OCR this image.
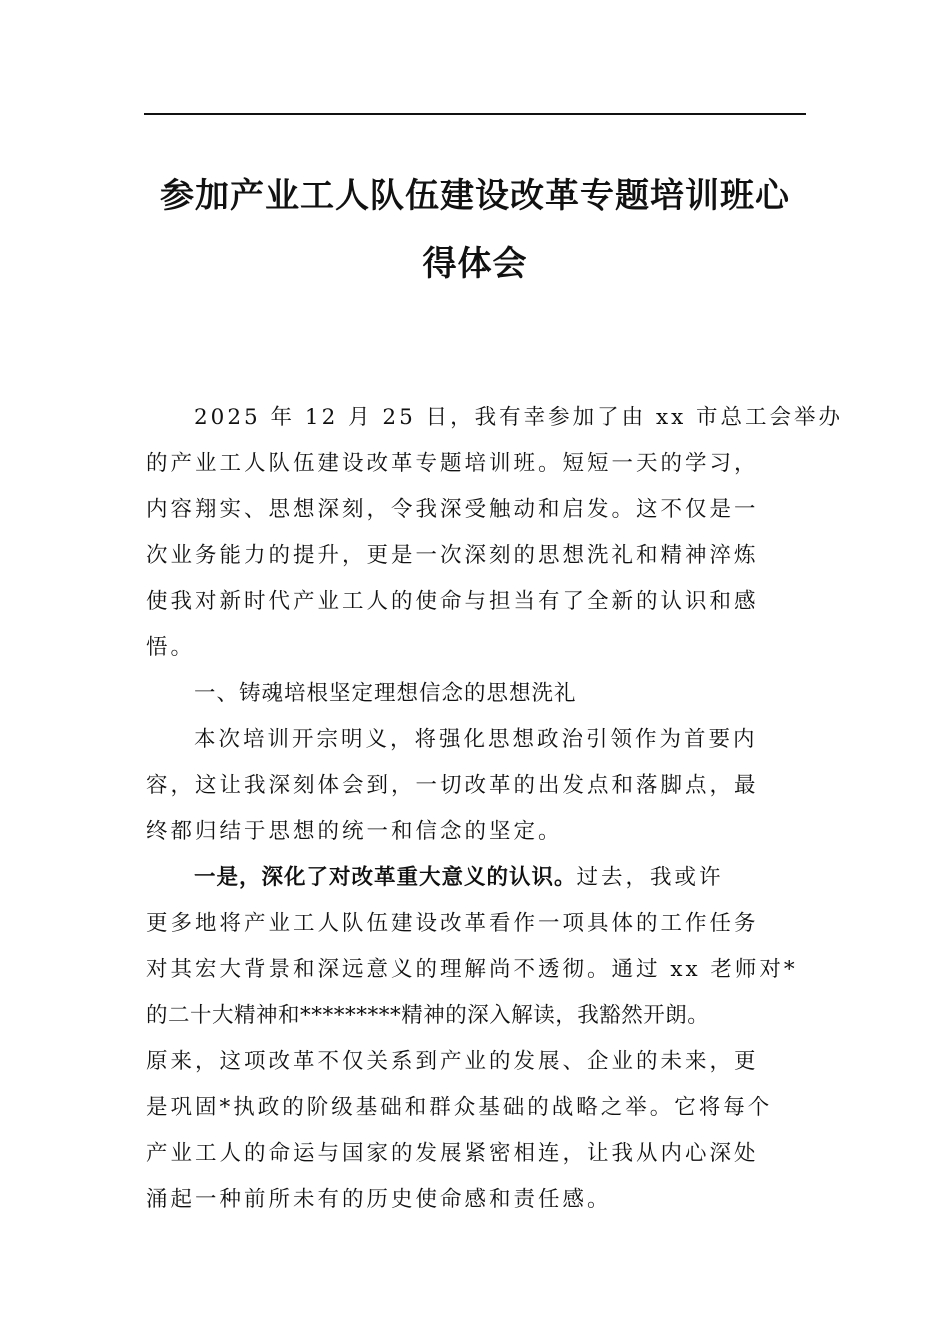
参加产业工人队伍建设改革专题培训班心
得体会

2025 年 12 月 25 日，我有幸参加了由 xx 市总工会举办
的产业工人队伍建设改革专题培训班。短短一天的学习，
内容翔实、思想深刻，令我深受触动和启发。这不仅是一
次业务能力的提升，更是一次深刻的思想洗礼和精神淬炼
使我对新时代产业工人的使命与担当有了全新的认识和感
悟。

一、铸魂培根坚定理想信念的思想洗礼

本次培训开宗明义，将强化思想政治引领作为首要内
容，这让我深刻体会到，一切改革的出发点和落脚点，最
终都归结于思想的统一和信念的坚定。

一是，深化了对改革重大意义的认识。过去，我或许
更多地将产业工人队伍建设改革看作一项具体的工作任务
对其宏大背景和深远意义的理解尚不透彻。通过 xx 老师对*
的二十大精神和*********精神的深入解读，我豁然开朗。
原来，这项改革不仅关系到产业的发展、企业的未来，更
是巩固*执政的阶级基础和群众基础的战略之举。它将每个
产业工人的命运与国家的发展紧密相连，让我从内心深处
涌起一种前所未有的历史使命感和责任感。
